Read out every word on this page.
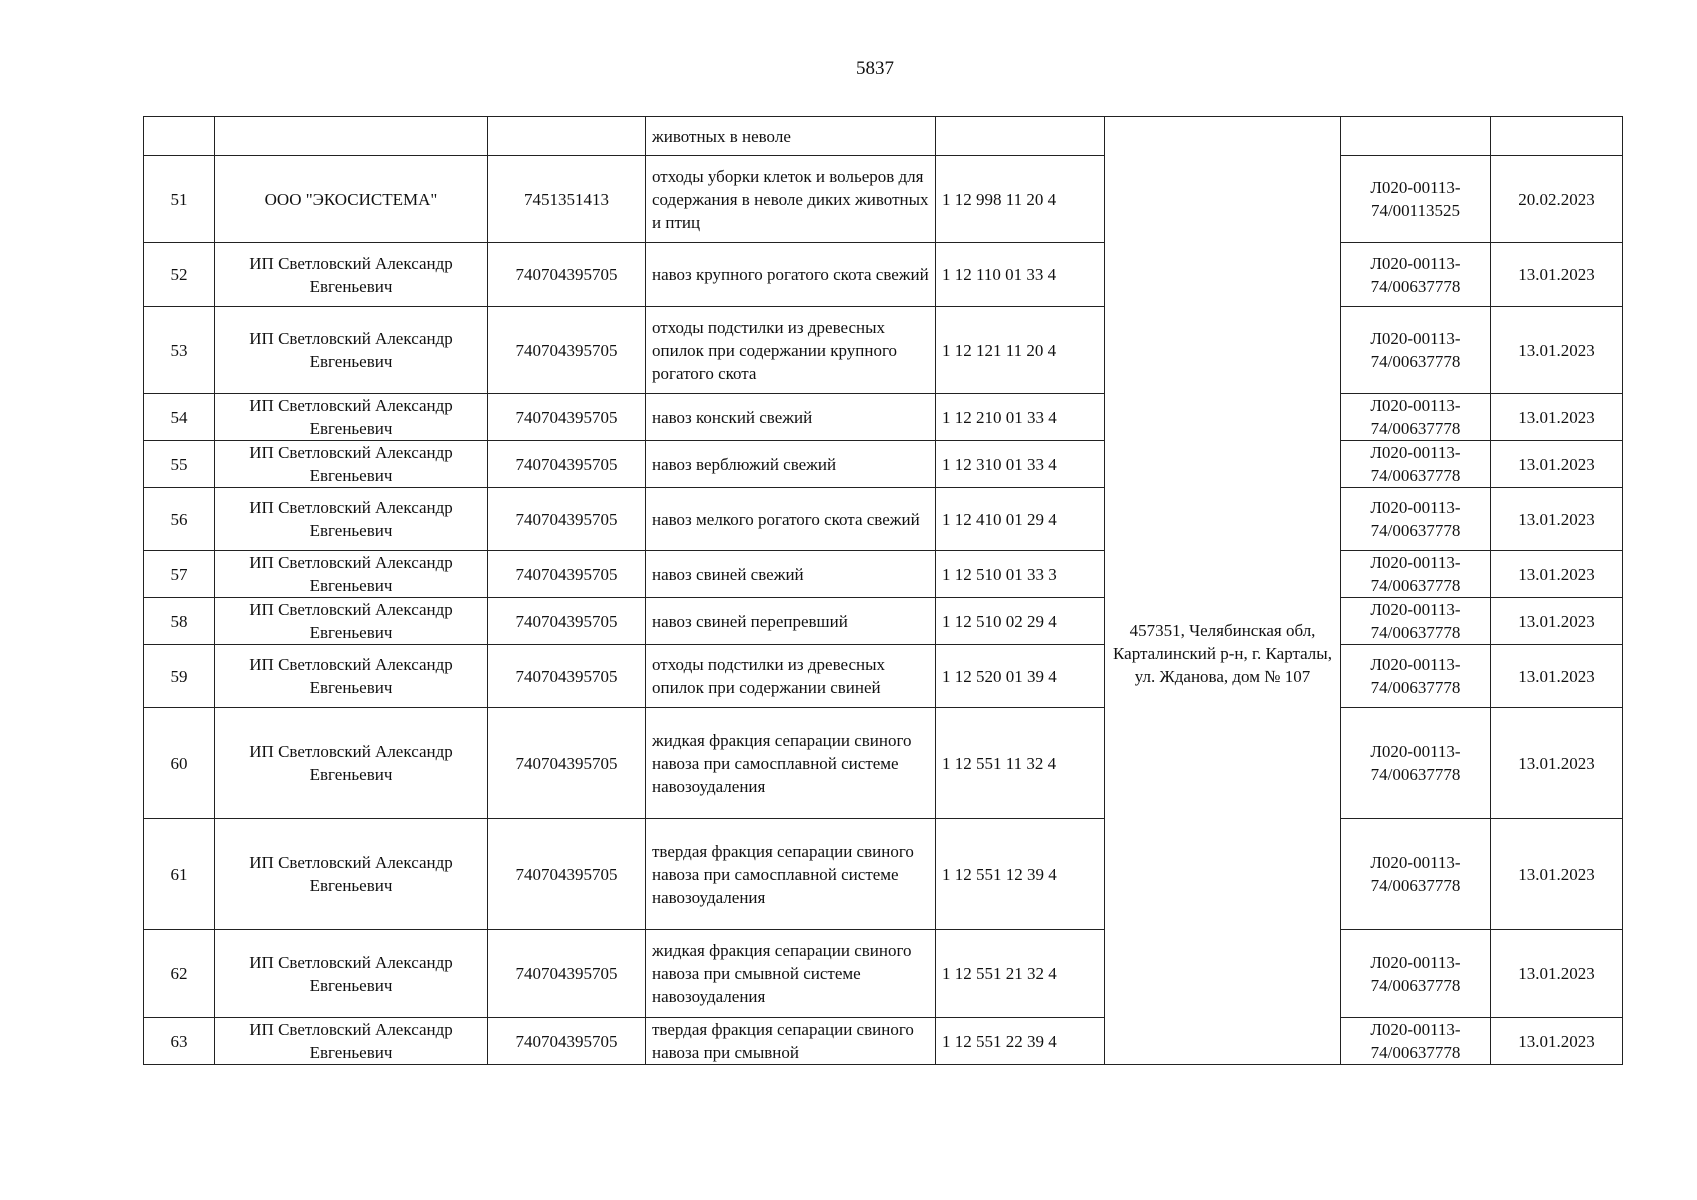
5837
			животных в неволе		457351, Челябинская обл, Карталинский р-н, г. Карталы, ул. Жданова, дом № 107		

51	ООО "ЭКОСИСТЕМА"	7451351413	отходы уборки клеток и вольеров для содержания в неволе диких животных и птиц	1 12 998 11 20 4		Л020-00113-74/00113525	20.02.2023
52	ИП Светловский Александр Евгеньевич	740704395705	навоз крупного рогатого скота свежий	1 12 110 01 33 4		Л020-00113-74/00637778	13.01.2023
53	ИП Светловский Александр Евгеньевич	740704395705	отходы подстилки из древесных опилок при содержании крупного рогатого скота	1 12 121 11 20 4		Л020-00113-74/00637778	13.01.2023
54	ИП Светловский Александр Евгеньевич	740704395705	навоз конский свежий	1 12 210 01 33 4		Л020-00113-74/00637778	13.01.2023
55	ИП Светловский Александр Евгеньевич	740704395705	навоз верблюжий свежий	1 12 310 01 33 4		Л020-00113-74/00637778	13.01.2023
56	ИП Светловский Александр Евгеньевич	740704395705	навоз мелкого рогатого скота свежий	1 12 410 01 29 4		Л020-00113-74/00637778	13.01.2023
57	ИП Светловский Александр Евгеньевич	740704395705	навоз свиней свежий	1 12 510 01 33 3		Л020-00113-74/00637778	13.01.2023
58	ИП Светловский Александр Евгеньевич	740704395705	навоз свиней перепревший	1 12 510 02 29 4		Л020-00113-74/00637778	13.01.2023
59	ИП Светловский Александр Евгеньевич	740704395705	отходы подстилки из древесных опилок при содержании свиней	1 12 520 01 39 4		Л020-00113-74/00637778	13.01.2023
60	ИП Светловский Александр Евгеньевич	740704395705	жидкая фракция сепарации свиного навоза при самосплавной системе навозоудаления	1 12 551 11 32 4		Л020-00113-74/00637778	13.01.2023
61	ИП Светловский Александр Евгеньевич	740704395705	твердая фракция сепарации свиного навоза при самосплавной системе навозоудаления	1 12 551 12 39 4		Л020-00113-74/00637778	13.01.2023
62	ИП Светловский Александр Евгеньевич	740704395705	жидкая фракция сепарации свиного навоза при смывной системе навозоудаления	1 12 551 21 32 4		Л020-00113-74/00637778	13.01.2023
63	ИП Светловский Александр Евгеньевич	740704395705	твердая фракция сепарации свиного навоза при смывной	1 12 551 22 39 4		Л020-00113-74/00637778	13.01.2023
